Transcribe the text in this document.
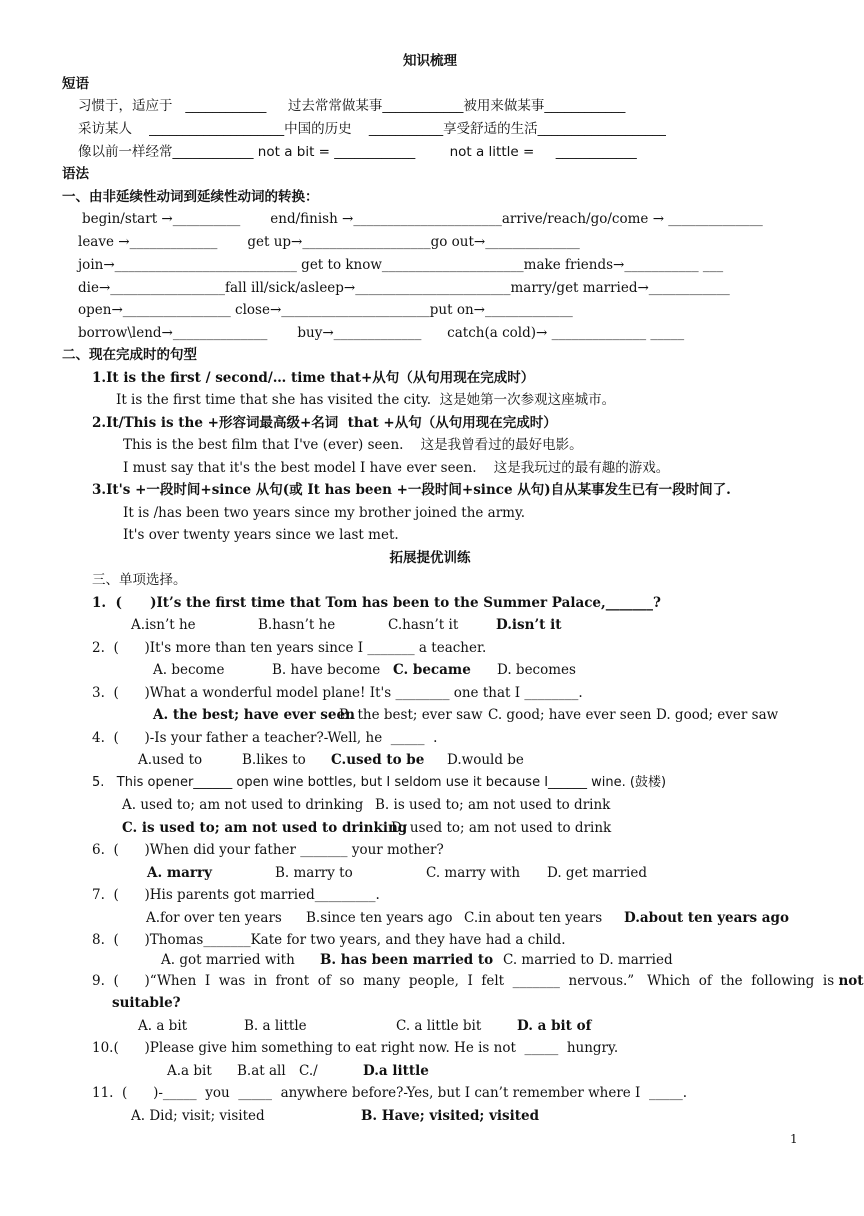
知识梳理
短语
习惯于，适应于   ____________     过去常常做某事____________被用来做某事____________
采访某人    ____________________中国的历史    ___________享受舒适的生活___________________
像以前一样经常____________ not a bit = ____________        not a little =     ____________
语法
一、由非延续性动词到延续性动词的转换：
begin/start →__________       end/finish →______________________arrive/reach/go/come → ______________
leave →_____________       get up→___________________go out→______________
join→___________________________ get to know_____________________make friends→___________ ___
die→_________________fall ill/sick/asleep→_______________________marry/get married→____________
open→________________ close→______________________put on→_____________
borrow\lend→______________       buy→_____________      catch(a cold)→ ______________ _____
二、现在完成时的句型
1.It is the first / second/… time that+从句（从句用现在完成时）
It is the first time that she has visited the city.  这是她第一次参观这座城市。
2.It/This is the +形容词最高级+名词  that +从句（从句用现在完成时）
This is the best film that I've (ever) seen.    这是我曾看过的最好电影。
I must say that it's the best model I have ever seen.    这是我玩过的最有趣的游戏。
3.It's +一段时间+since 从句(或 It has been +一段时间+since 从句)自从某事发生已有一段时间了.
It is /has been two years since my brother joined the army.
It's over twenty years since we last met.
拓展提优训练
三、单项选择。
1.  (      )It’s the first time that Tom has been to the Summer Palace,_______?
A.isn’t he	B.hasn’t he	C.hasn’t it	D.isn’t it
2.  (      )It's more than ten years since I _______ a teacher.
A. become	B. have become C. became D. becomes
3.  (      )What a wonderful model plane! It's ________ one that I ________.
A. the best; have ever seen
B. the best; ever saw C. good; have ever seen D. good; ever saw
4.  (      )-Is your father a teacher?-Well, he  _____  .
A.used to	B.likes to C.used to be D.would be
5.   This opener______ open wine bottles, but I seldom use it because I______ wine. (鼓楼)
A. used to; am not used to drinking B. is used to; am not used to drink
C. is used to; am not used to drinking
D. used to; am not used to drink
6.  (      )When did your father _______ your mother?
A. marry	B. marry to	C. marry with D. get married
7.  (      )His parents got married_________.
A.for over ten years B.since ten years ago C.in about ten years D.about ten years ago
8.  (      )Thomas_______Kate for two years, and they have had a child.
A. got married with B. has been married to C. married to D. married
9.  (      )“When  I  was  in  front  of  so  many  people,  I  felt  _______  nervous.”   Which  of  the  following  is not
suitable?
A. a bit	B. a little	C. a little bit	D. a bit of
10.(      )Please give him something to eat right now. He is not  _____  hungry.
A.a bit B.at all C./	D.a little
11.  (      )-_____  you  _____  anywhere before?-Yes, but I can’t remember where I  _____.
A. Did; visit; visited	B. Have; visited; visited
1
